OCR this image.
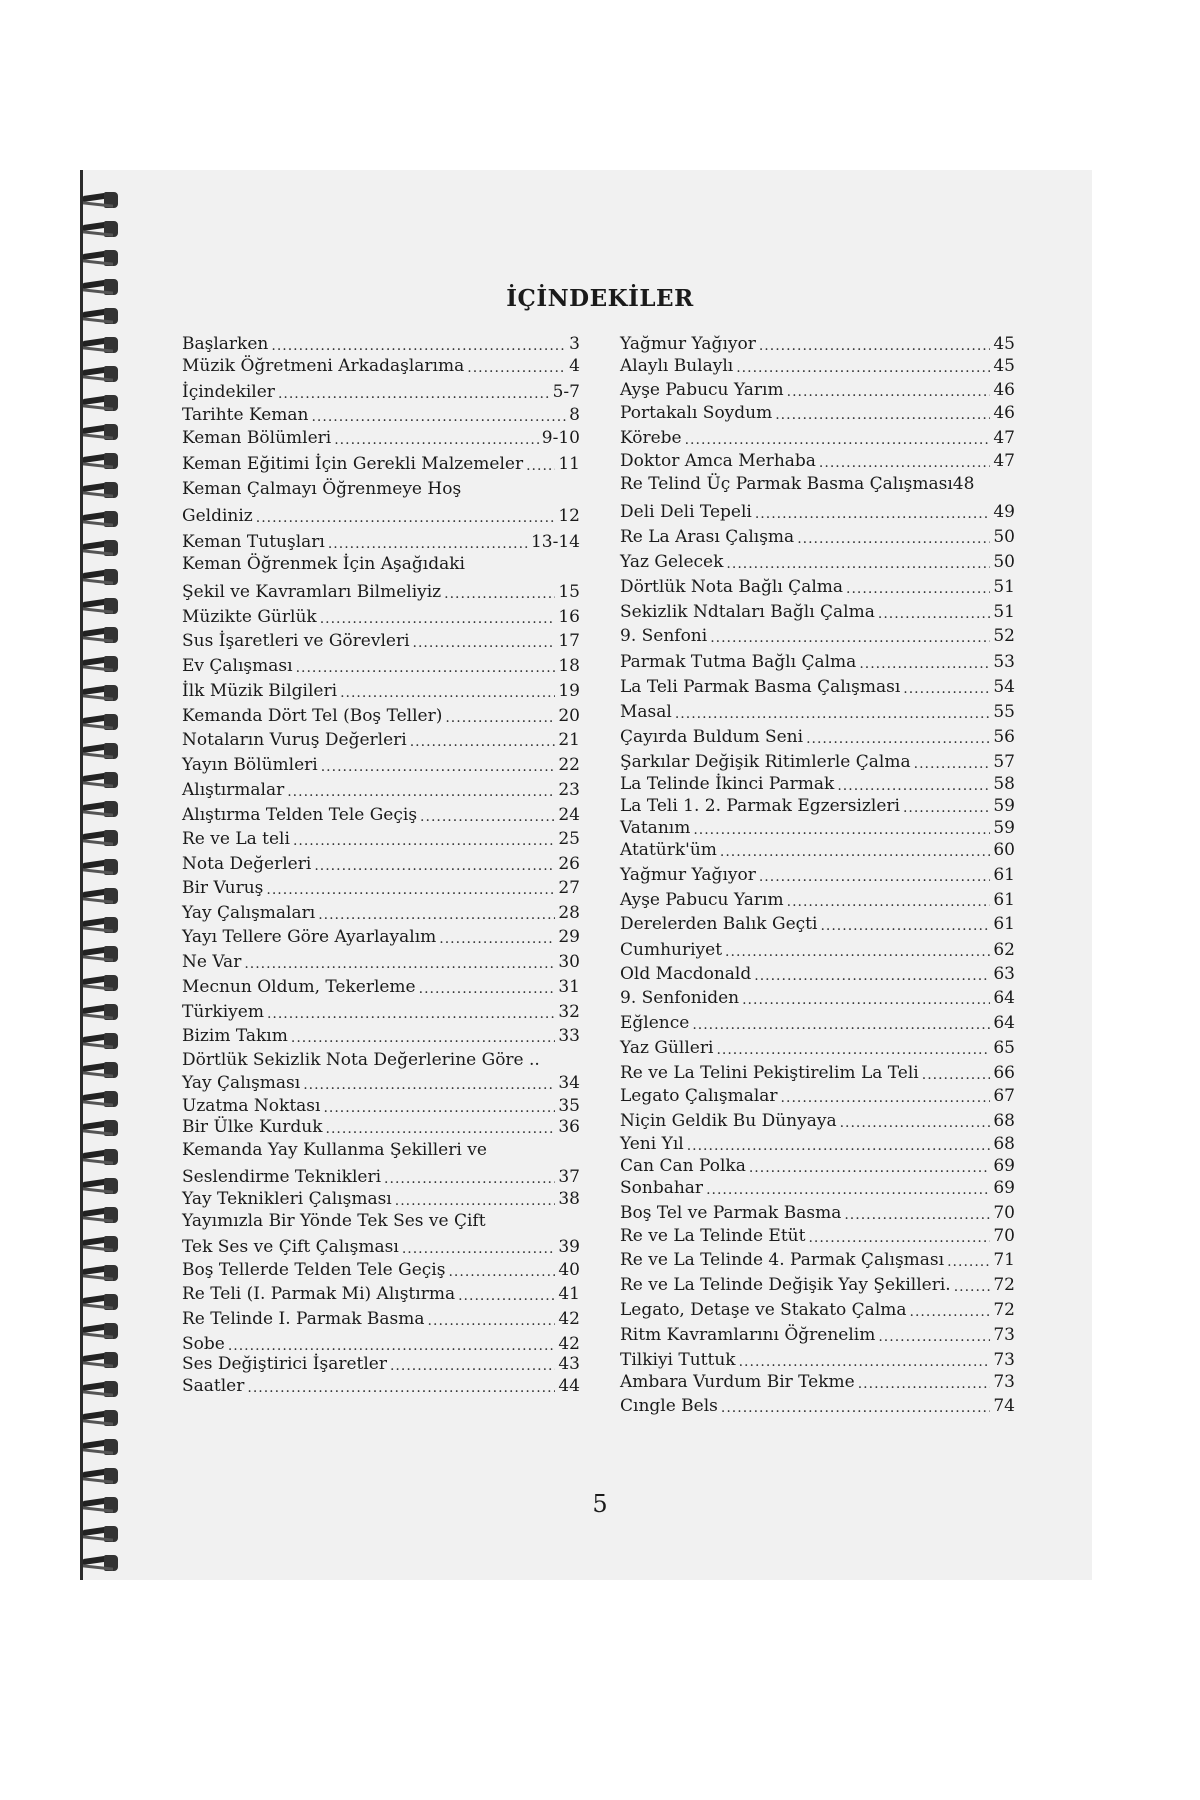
İÇİNDEKİLER
Başlarken .....	3
Müzik Öğretmeni Arkadaşlarıma .....	4
İçindekiler .....	5-7
Tarihte Keman .....	8
Keman Bölümleri .....	9-10
Keman Eğitimi İçin Gerekli Malzemeler ..... 11
Keman Çalmayı Öğrenmeye Hoş
Geldiniz .....	12
Keman Tutuşları .....	13-14
Keman Öğrenmek İçin Aşağıdaki
Şekil ve Kavramları Bilmeliyiz .....	15
Müzikte Gürlük .....	16
Sus İşaretleri ve Görevleri .....	17
Ev Çalışması .....	18
İlk Müzik Bilgileri .....	19
Kemanda Dört Tel (Boş Teller) .....	20
Notaların Vuruş Değerleri .....	21
Yayın Bölümleri .....	22
Alıştırmalar .....	23
Alıştırma Telden Tele Geçiş .....	24
Re ve La teli .....	25
Nota Değerleri .....	26
Bir Vuruş .....	27
Yay Çalışmaları .....	28
Yayı Tellere Göre Ayarlayalım .....	29
Ne Var .....	30
Mecnun Oldum, Tekerleme .....	31
Türkiyem .....	32
Bizim Takım .....	33
Dörtlük Sekizlik Nota Değerlerine Göre ..
Yay Çalışması .....	34
Uzatma Noktası .....	35
Bir Ülke Kurduk .....	36
Kemanda Yay Kullanma Şekilleri ve
Seslendirme Teknikleri .....	37
Yay Teknikleri Çalışması .....	38
Yayımızla Bir Yönde Tek Ses ve Çift
Tek Ses ve Çift Çalışması .....	39
Boş Tellerde Telden Tele Geçiş .....	40
Re Teli (I. Parmak Mi) Alıştırma .....	41
Re Telinde I. Parmak Basma .....	42
Sobe .....	42
Ses Değiştirici İşaretler .....	43
Saatler .....	44
Yağmur Yağıyor .....	45
Alaylı Bulaylı .....	45
Ayşe Pabucu Yarım .....	46
Portakalı Soydum .....	46
Körebe .....	47
Doktor Amca Merhaba .....	47
Re Telind Üç Parmak Basma Çalışması48
Deli Deli Tepeli .....	49
Re La Arası Çalışma .....	50
Yaz Gelecek .....	50
Dörtlük Nota Bağlı Çalma .....	51
Sekizlik Ndtaları Bağlı Çalma .....	51
9. Senfoni .....	52
Parmak Tutma Bağlı Çalma .....	53
La Teli Parmak Basma Çalışması .....	54
Masal .....	55
Çayırda Buldum Seni .....	56
Şarkılar Değişik Ritimlerle Çalma .....	57
La Telinde İkinci Parmak .....	58
La Teli 1. 2. Parmak Egzersizleri .....	59
Vatanım .....	59
Atatürk'üm .....	60
Yağmur Yağıyor .....	61
Ayşe Pabucu Yarım .....	61
Derelerden Balık Geçti .....	61
Cumhuriyet .....	62
Old Macdonald .....	63
9. Senfoniden .....	64
Eğlence .....	64
Yaz Gülleri .....	65
Re ve La Telini Pekiştirelim La Teli .....	66
Legato Çalışmalar .....	67
Niçin Geldik Bu Dünyaya .....	68
Yeni Yıl .....	68
Can Can Polka .....	69
Sonbahar .....	69
Boş Tel ve Parmak Basma .....	70
Re ve La Telinde Etüt .....	70
Re ve La Telinde 4. Parmak Çalışması .....	71
Re ve La Telinde Değişik Yay Şekilleri. .....	72
Legato, Detaşe ve Stakato Çalma .....	72
Ritm Kavramlarını Öğrenelim .....	73
Tilkiyi Tuttuk .....	73
Ambara Vurdum Bir Tekme .....	73
Cıngle Bels .....	74
5
